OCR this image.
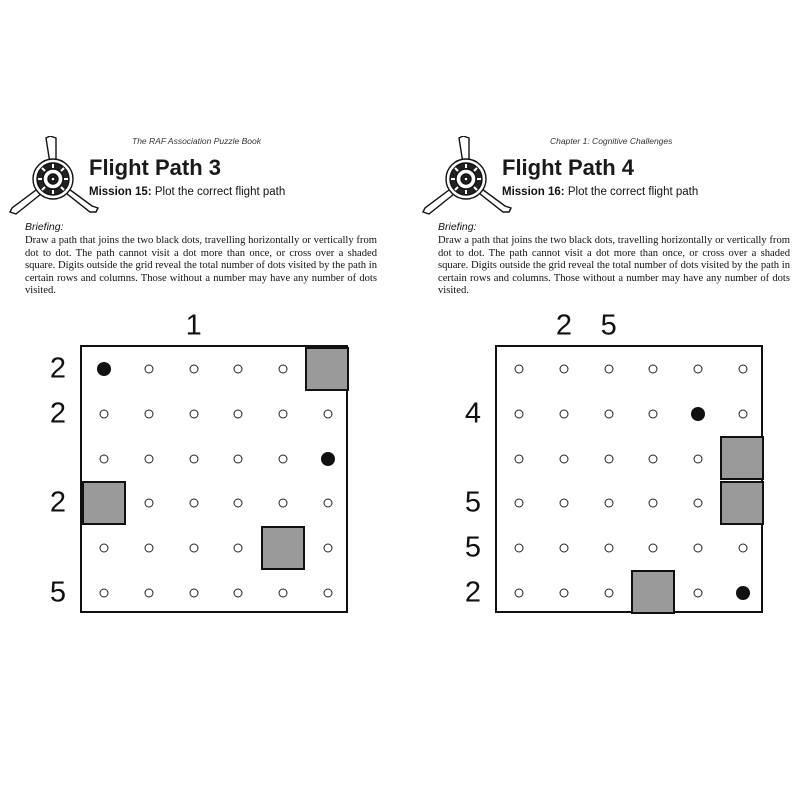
The RAF Association Puzzle Book
Flight Path 3
Mission 15: Plot the correct flight path
Briefing:
Draw a path that joins the two black dots, travelling horizontally or vertically from dot to dot. The path cannot visit a dot more than once, or cross over a shaded square. Digits outside the grid reveal the total number of dots visited by the path in certain rows and columns. Those without a number may have any number of dots visited.
1
2
2
2
5
Chapter 1: Cognitive Challenges
Flight Path 4
Mission 16: Plot the correct flight path
Briefing:
Draw a path that joins the two black dots, travelling horizontally or vertically from dot to dot. The path cannot visit a dot more than once, or cross over a shaded square. Digits outside the grid reveal the total number of dots visited by the path in certain rows and columns. Those without a number may have any number of dots visited.
2 5
4
5
5
2
